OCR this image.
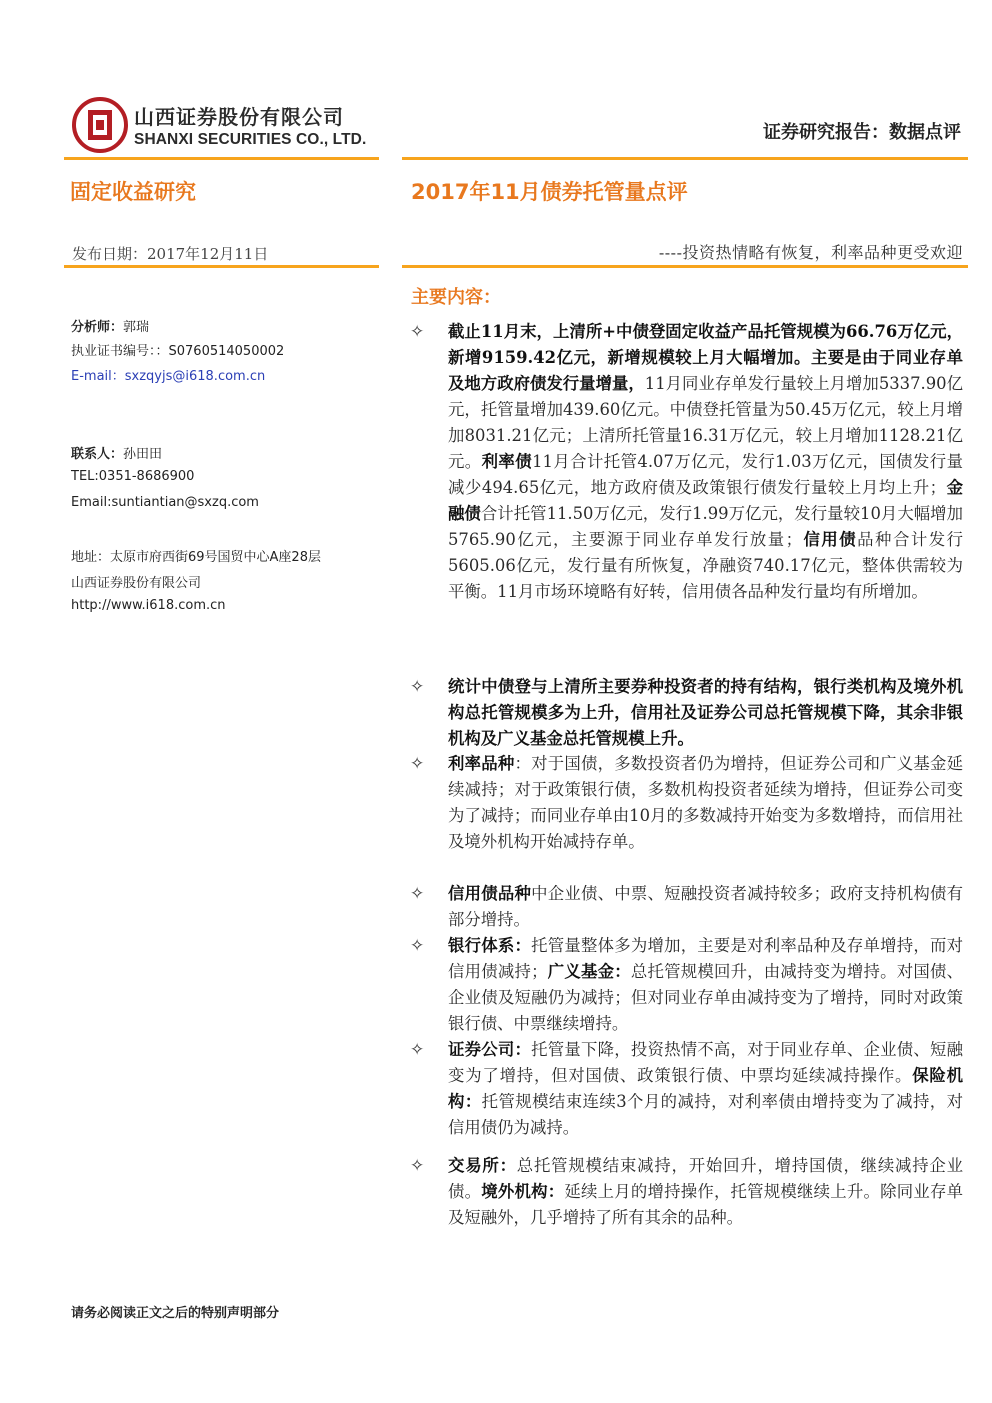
山西证券股份有限公司
SHANXI SECURITIES CO., LTD.	证券研究报告：数据点评
固定收益研究	2017年11月债券托管量点评
发布日期：2017年12月11日	----投资热情略有恢复，利率品种更受欢迎
分析师：郭瑞
执业证书编号：：S0760514050002
E-mail：sxzqyjs@i618.com.cn
联系人：孙田田
TEL:0351-8686900
Email:suntiantian@sxzq.com
地址：太原市府西街69号国贸中心A座28层
山西证券股份有限公司
http://www.i618.com.cn
主要内容：
✧ 截止11月末，上清所+中债登固定收益产品托管规模为66.76万亿元，新增9159.42亿元，新增规模较上月大幅增加。主要是由于同业存单及地方政府债发行量增量，11月同业存单发行量较上月增加5337.90亿元，托管量增加439.60亿元。中债登托管量为50.45万亿元，较上月增加8031.21亿元；上清所托管量16.31万亿元，较上月增加1128.21亿元。利率债11月合计托管4.07万亿元，发行1.03万亿元，国债发行量减少494.65亿元，地方政府债及政策银行债发行量较上月均上升；金融债合计托管11.50万亿元，发行1.99万亿元，发行量较10月大幅增加5765.90亿元，主要源于同业存单发行放量；信用债品种合计发行5605.06亿元，发行量有所恢复，净融资740.17亿元，整体供需较为平衡。11月市场环境略有好转，信用债各品种发行量均有所增加。
✧ 统计中债登与上清所主要券种投资者的持有结构，银行类机构及境外机构总托管规模多为上升，信用社及证券公司总托管规模下降，其余非银机构及广义基金总托管规模上升。
✧ 利率品种：对于国债，多数投资者仍为增持，但证券公司和广义基金延续减持；对于政策银行债，多数机构投资者延续为增持，但证券公司变为了减持；而同业存单由10月的多数减持开始变为多数增持，而信用社及境外机构开始减持存单。
✧ 信用债品种中企业债、中票、短融投资者减持较多；政府支持机构债有部分增持。
✧ 银行体系：托管量整体多为增加，主要是对利率品种及存单增持，而对信用债减持；广义基金：总托管规模回升，由减持变为增持。对国债、企业债及短融仍为减持；但对同业存单由减持变为了增持，同时对政策银行债、中票继续增持。
✧ 证券公司：托管量下降，投资热情不高，对于同业存单、企业债、短融变为了增持，但对国债、政策银行债、中票均延续减持操作。保险机构：托管规模结束连续3个月的减持，对利率债由增持变为了减持，对信用债仍为减持。
✧ 交易所：总托管规模结束减持，开始回升，增持国债，继续减持企业债。境外机构：延续上月的增持操作，托管规模继续上升。除同业存单及短融外，几乎增持了所有其余的品种。
请务必阅读正文之后的特别声明部分
